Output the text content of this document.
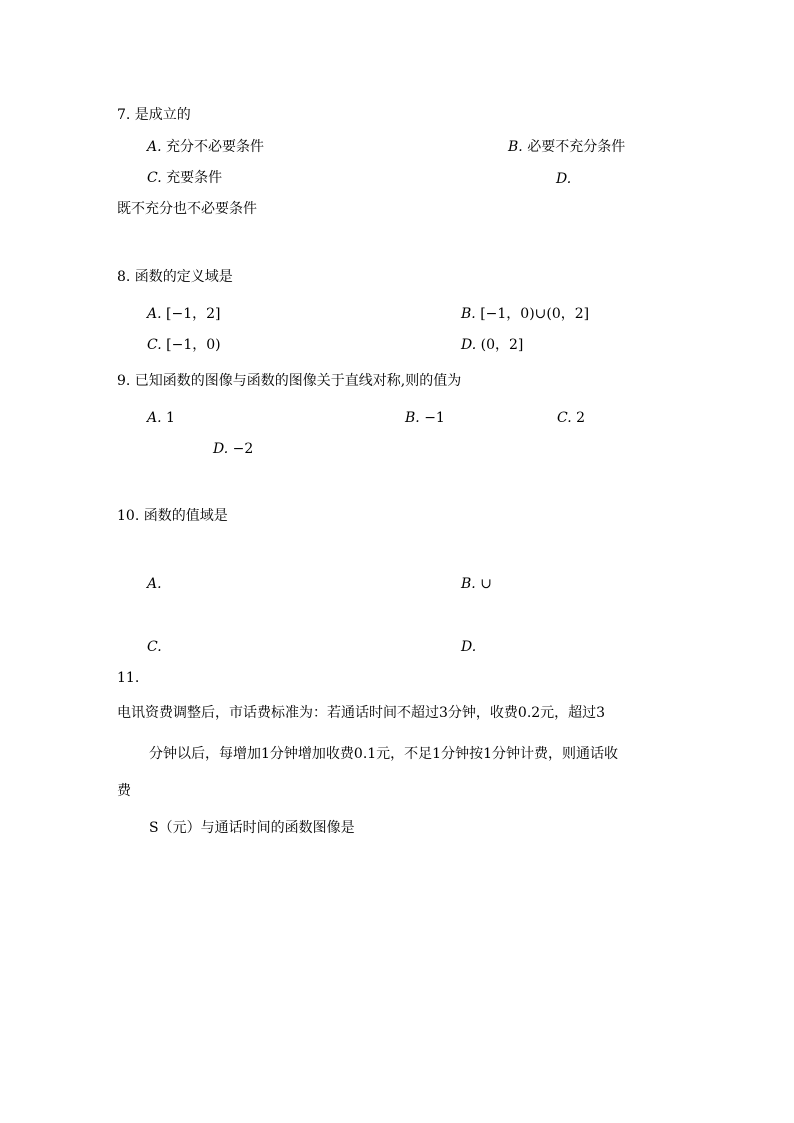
7. 是成立的
A. 充分不必要条件	B. 必要不充分条件
C. 充要条件	D.
既不充分也不必要条件
8. 函数的定义域是
A. [−1，2]	B. [−1，0)∪(0，2]
C. [−1，0)	D. (0，2]
9. 已知函数的图像与函数的图像关于直线对称,则的值为
A. 1	B. −1	C. 2
D. −2
10. 函数的值域是
A.	B. ∪
C.	D.
11.
电讯资费调整后，市话费标准为：若通话时间不超过3分钟，收费0.2元，超过3
分钟以后，每增加1分钟增加收费0.1元，不足1分钟按1分钟计费，则通话收
费
S（元）与通话时间的函数图像是
